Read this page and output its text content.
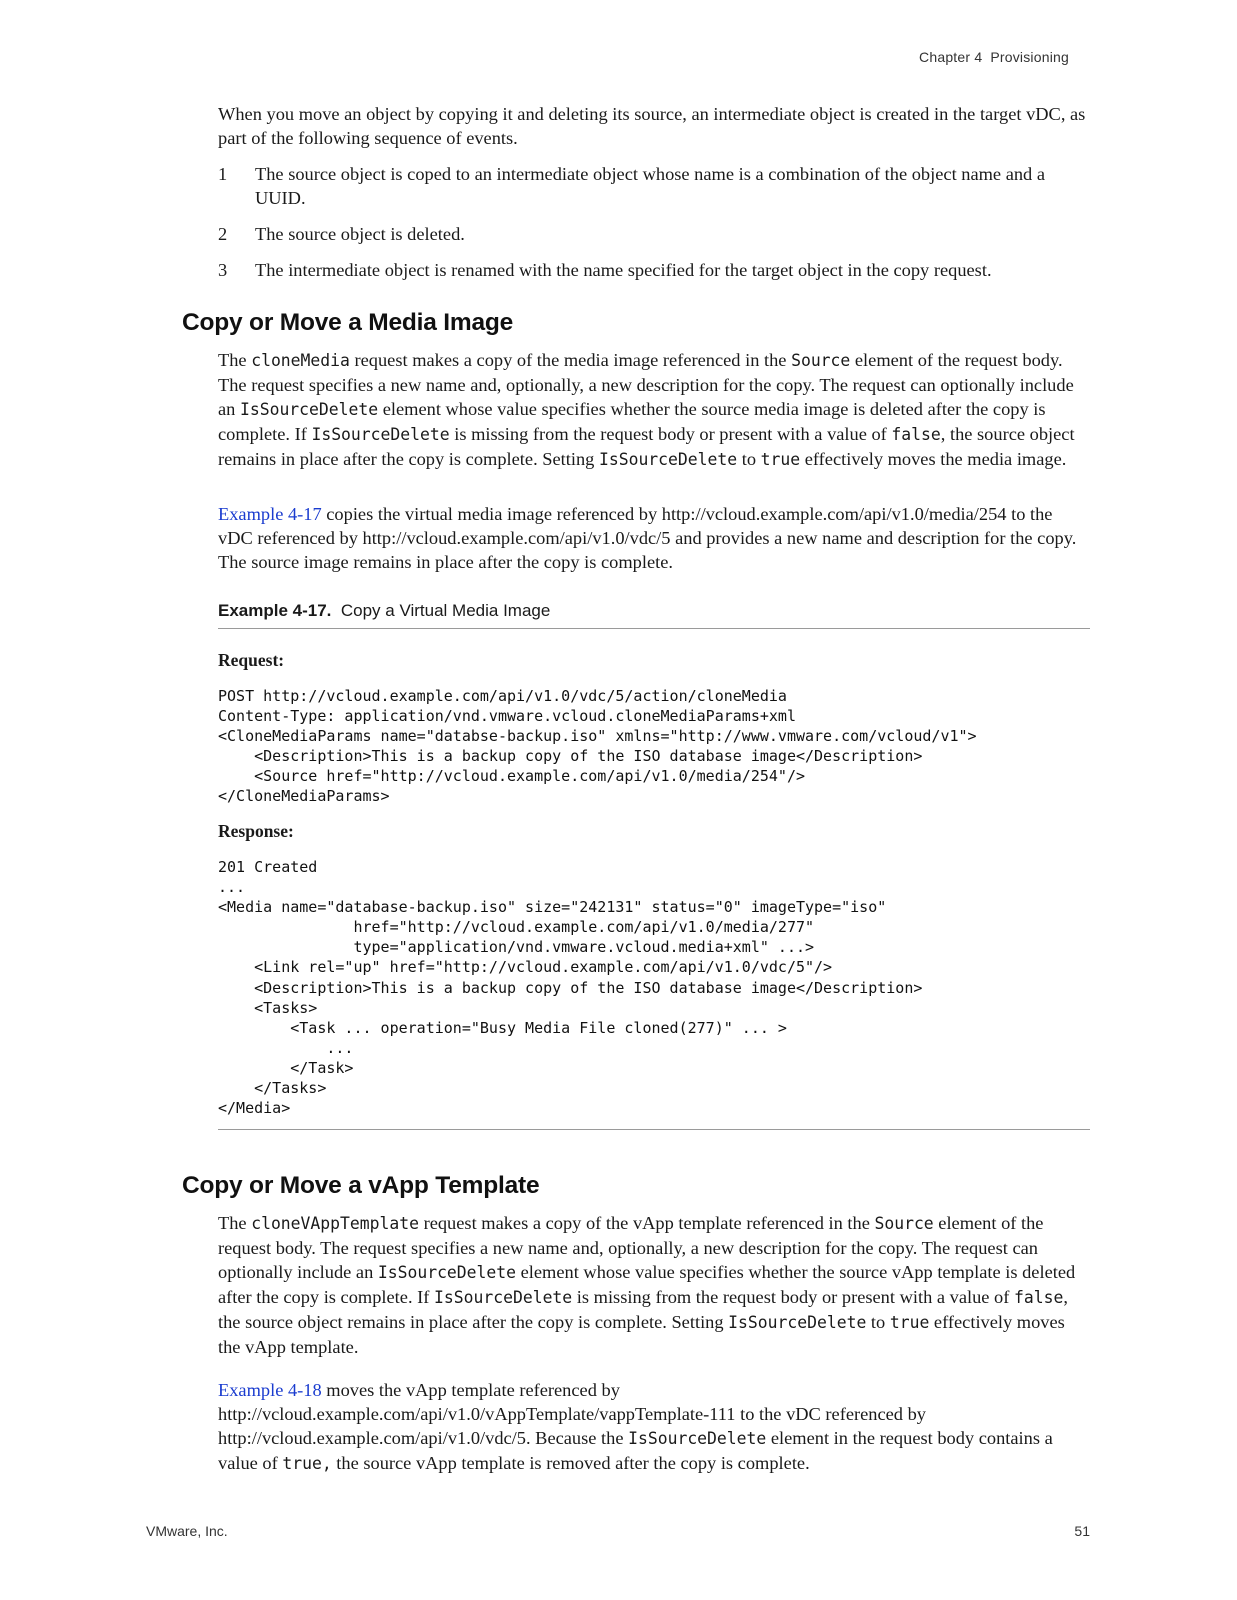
Chapter 4 Provisioning

When you move an object by copying it and deleting its source, an intermediate object is created in the target vDC, as part of the following sequence of events.

1	The source object is coped to an intermediate object whose name is a combination of the object name and a UUID.
2	The source object is deleted.
3	The intermediate object is renamed with the name specified for the target object in the copy request.
Copy or Move a Media Image

The cloneMedia request makes a copy of the media image referenced in the Source element of the request body. The request specifies a new name and, optionally, a new description for the copy. The request can optionally include an IsSourceDelete element whose value specifies whether the source media image is deleted after the copy is complete. If IsSourceDelete is missing from the request body or present with a value of false, the source object remains in place after the copy is complete. Setting IsSourceDelete to true effectively moves the media image.

Example 4-17 copies the virtual media image referenced by http://vcloud.example.com/api/v1.0/media/254 to the vDC referenced by http://vcloud.example.com/api/v1.0/vdc/5 and provides a new name and description for the copy. The source image remains in place after the copy is complete.

Example 4-17. Copy a Virtual Media Image
Request:
POST http://vcloud.example.com/api/v1.0/vdc/5/action/cloneMedia
Content-Type: application/vnd.vmware.vcloud.cloneMediaParams+xml
<CloneMediaParams name="databse-backup.iso" xmlns="http://www.vmware.com/vcloud/v1">
<Description>This is a backup copy of the ISO database image</Description>
<Source href="http://vcloud.example.com/api/v1.0/media/254"/>
</CloneMediaParams>
Response:
201 Created
...
<Media name="database-backup.iso" size="242131" status="0" imageType="iso"
href="http://vcloud.example.com/api/v1.0/media/277"
type="application/vnd.vmware.vcloud.media+xml" ...>
<Link rel="up" href="http://vcloud.example.com/api/v1.0/vdc/5"/>
<Description>This is a backup copy of the ISO database image</Description>
<Tasks>
<Task ... operation="Busy Media File cloned(277)" ... >
...
</Task>
</Tasks>
</Media>
Copy or Move a vApp Template

The cloneVAppTemplate request makes a copy of the vApp template referenced in the Source element of the request body. The request specifies a new name and, optionally, a new description for the copy. The request can optionally include an IsSourceDelete element whose value specifies whether the source vApp template is deleted after the copy is complete. If IsSourceDelete is missing from the request body or present with a value of false, the source object remains in place after the copy is complete. Setting IsSourceDelete to true effectively moves the vApp template.

Example 4-18 moves the vApp template referenced by http://vcloud.example.com/api/v1.0/vAppTemplate/vappTemplate-111 to the vDC referenced by http://vcloud.example.com/api/v1.0/vdc/5. Because the IsSourceDelete element in the request body contains a value of true, the source vApp template is removed after the copy is complete.

VMware, Inc.	51
